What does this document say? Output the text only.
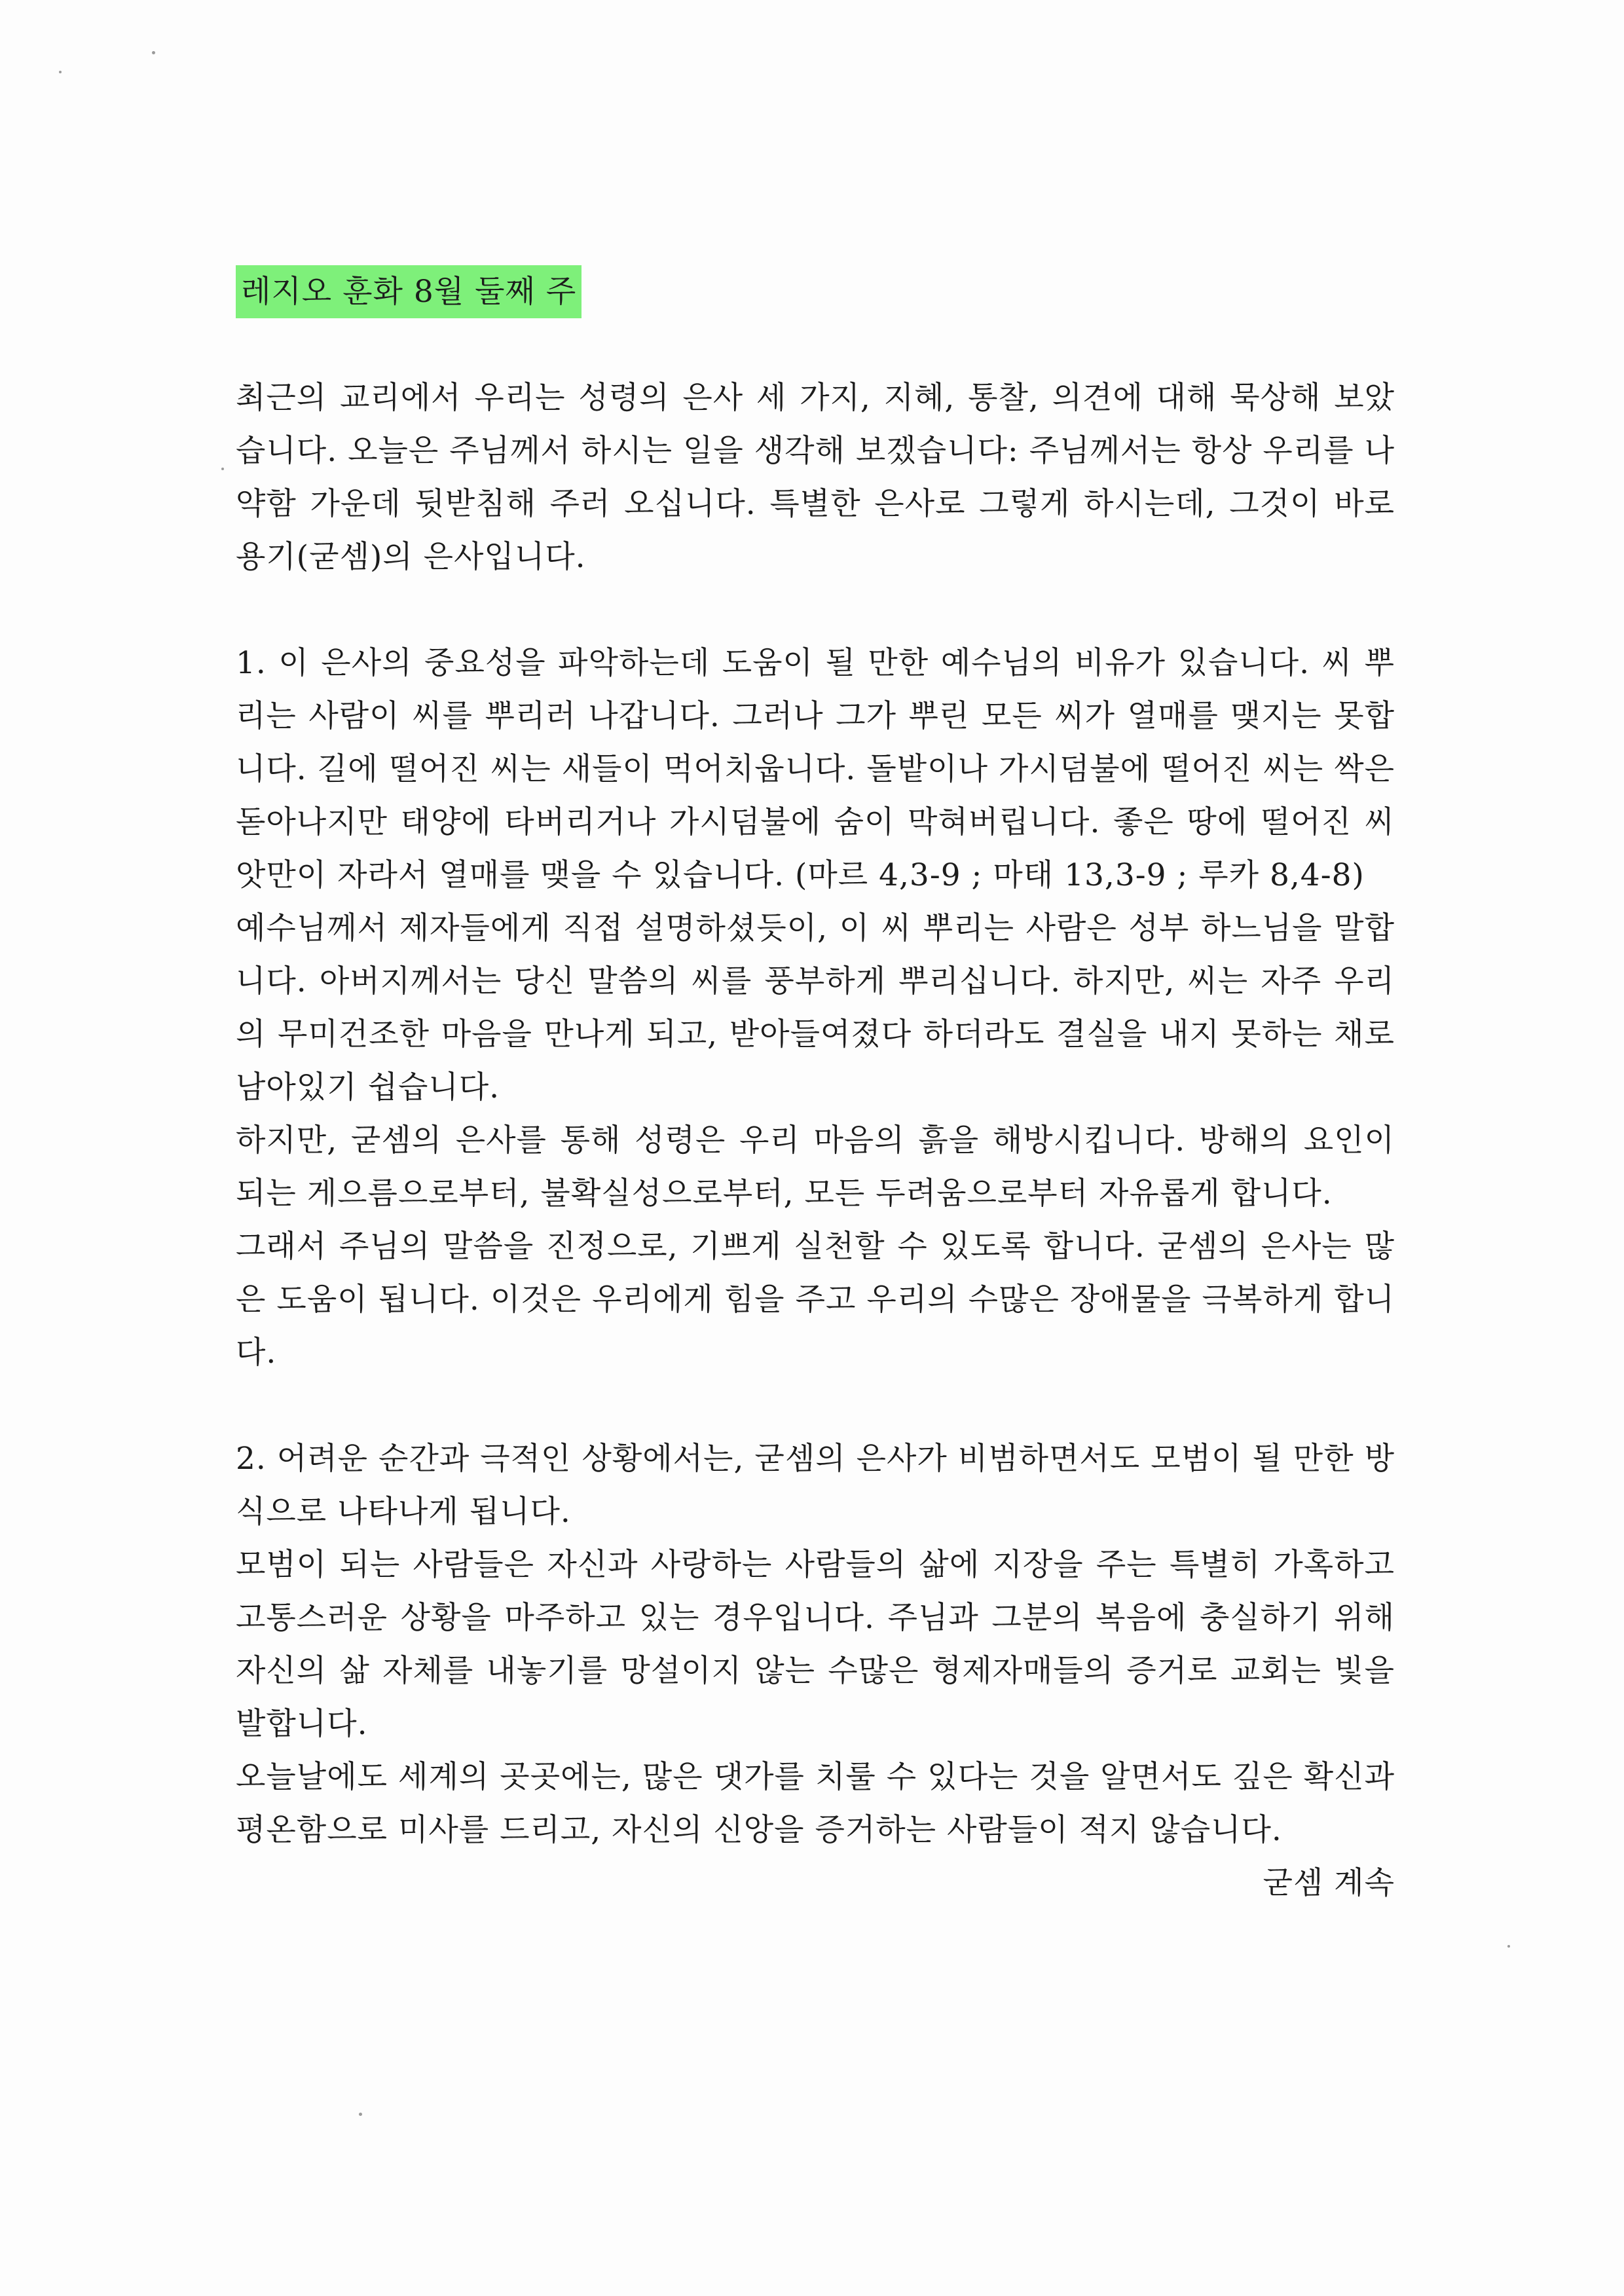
레지오 훈화 8월 둘째 주

최근의 교리에서 우리는 성령의 은사 세 가지, 지혜, 통찰, 의견에 대해 묵상해 보았습니다. 오늘은 주님께서 하시는 일을 생각해 보겠습니다: 주님께서는 항상 우리를 나약함 가운데 뒷받침해 주러 오십니다. 특별한 은사로 그렇게 하시는데, 그것이 바로 용기(굳셈)의 은사입니다.

1. 이 은사의 중요성을 파악하는데 도움이 될 만한 예수님의 비유가 있습니다. 씨 뿌리는 사람이 씨를 뿌리러 나갑니다. 그러나 그가 뿌린 모든 씨가 열매를 맺지는 못합니다. 길에 떨어진 씨는 새들이 먹어치웁니다. 돌밭이나 가시덤불에 떨어진 씨는 싹은 돋아나지만 태양에 타버리거나 가시덤불에 숨이 막혀버립니다. 좋은 땅에 떨어진 씨앗만이 자라서 열매를 맺을 수 있습니다. (마르 4,3-9 ; 마태 13,3-9 ; 루카 8,4-8)

예수님께서 제자들에게 직접 설명하셨듯이, 이 씨 뿌리는 사람은 성부 하느님을 말합니다. 아버지께서는 당신 말씀의 씨를 풍부하게 뿌리십니다. 하지만, 씨는 자주 우리의 무미건조한 마음을 만나게 되고, 받아들여졌다 하더라도 결실을 내지 못하는 채로 남아있기 쉽습니다.

하지만, 굳셈의 은사를 통해 성령은 우리 마음의 흙을 해방시킵니다. 방해의 요인이 되는 게으름으로부터, 불확실성으로부터, 모든 두려움으로부터 자유롭게 합니다.

그래서 주님의 말씀을 진정으로, 기쁘게 실천할 수 있도록 합니다. 굳셈의 은사는 많은 도움이 됩니다. 이것은 우리에게 힘을 주고 우리의 수많은 장애물을 극복하게 합니다.

2. 어려운 순간과 극적인 상황에서는, 굳셈의 은사가 비범하면서도 모범이 될 만한 방식으로 나타나게 됩니다.

모범이 되는 사람들은 자신과 사랑하는 사람들의 삶에 지장을 주는 특별히 가혹하고 고통스러운 상황을 마주하고 있는 경우입니다. 주님과 그분의 복음에 충실하기 위해 자신의 삶 자체를 내놓기를 망설이지 않는 수많은 형제자매들의 증거로 교회는 빛을 발합니다.

오늘날에도 세계의 곳곳에는, 많은 댓가를 치룰 수 있다는 것을 알면서도 깊은 확신과 평온함으로 미사를 드리고, 자신의 신앙을 증거하는 사람들이 적지 않습니다.

굳셈 계속
